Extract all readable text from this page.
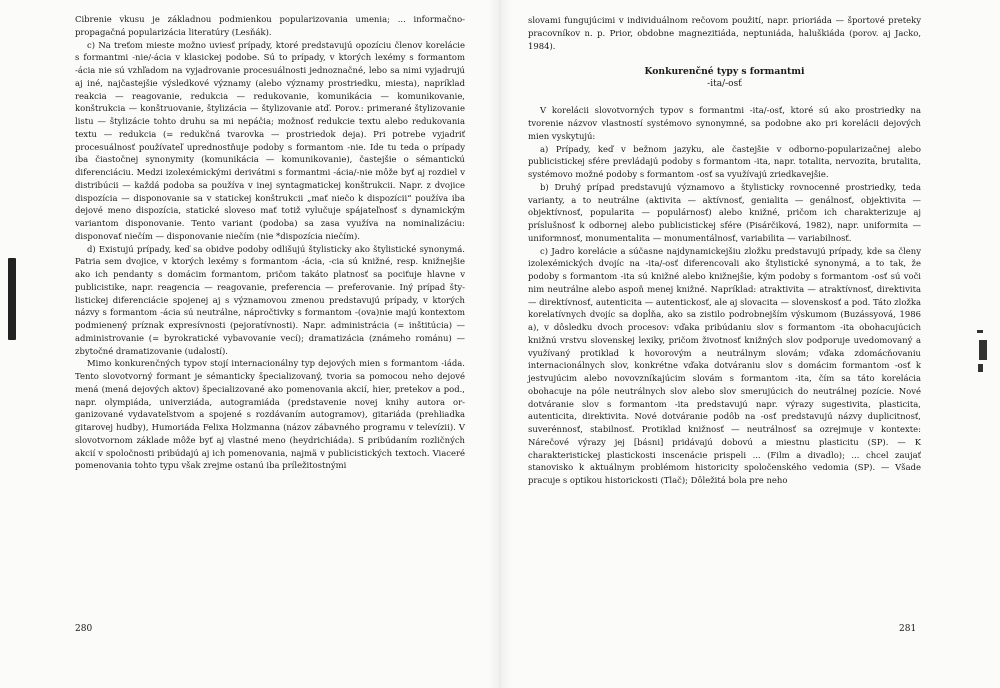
Cibrenie vkusu je základnou podmienkou popularizovania umenia; ... informačno-propagačná popularizácia literatúry (Lesňák).

c) Na treťom mieste možno uviesť prípady, ktoré predstavujú opozíciu členov korelácie s formantmi -nie/-ácia v klasickej podobe. Sú to prípady, v ktorých lexémy s formantom -ácia nie sú vzhľadom na vyjadrovanie procesuálnosti jednoznačné, lebo sa nimi vyjadrujú aj iné, najčastejšie výsledkové významy (alebo významy prostriedku, miesta), napríklad reakcia — reagovanie, redukcia — redukovanie, komunikácia — komunikovanie, konštrukcia — konštruovanie, štylizácia — štylizovanie atď. Porov.: primerané štylizovanie listu — štylizácie tohto druhu sa mi nepáčia; možnosť redukcie textu alebo redukovania textu — redukcia (= redukčná tvarovka — prostriedok deja). Pri potrebe vyjadriť procesuálnosť používateľ uprednostňuje podoby s formantom -nie. Ide tu teda o prípady iba čiastočnej synonymity (komunikácia — komunikovanie), častejšie o sémantickú diferenciáciu. Medzi izolexémickými derivátmi s formantmi -ácia/-nie môže byť aj rozdiel v distribúcii — každá podoba sa používa v inej syntagmatickej konštrukcii. Napr. z dvojice dispozícia — disponovanie sa v statickej konštrukcii „mať niečo k dispozícii“ používa iba dejové meno dispozícia, statické sloveso mať totiž vylučuje spájateľnosť s dynamickým variantom disponovanie. Tento variant (podoba) sa zasa využíva na nominalizáciu: disponovať niečím — disponovanie niečím (nie *dispozícia niečím).

d) Existujú prípady, keď sa obidve podoby odlišujú štylisticky ako štylistické synonymá. Patria sem dvojice, v ktorých lexémy s formantom -ácia, -cia sú knižné, resp. knižnejšie ako ich pendanty s domácim formantom, pričom takáto platnosť sa pociťuje hlavne v publicistike, napr. reagencia — reagovanie, preferencia — preferovanie. Iný prípad štylistickej diferenciácie spojenej aj s významovou zmenou predstavujú prípady, v ktorých názvy s formantom -ácia sú neutrálne, nápročtivky s formantom -(ova)nie majú kontextom podmienený príznak expresívnosti (pejoratívnosti). Napr. administrácia (= inštitúcia) — administrovanie (= byrokratické vybavovanie vecí); dramatizácia (známeho románu) — zbytočné dramatizovanie (udalostí).

Mimo konkurenčných typov stojí internacionálny typ dejových mien s formantom -iáda. Tento slovotvorný formant je sémanticky špecializovaný, tvoria sa pomocou neho dejové mená (mená dejových aktov) špecializované ako pomenovania akcií, hier, pretekov a pod., napr. olympiáda, univerziáda, autogramiáda (predstavenie novej knihy autora organizované vydavateľstvom a spojené s rozdávaním autogramov), gitariáda (prehliadka gitarovej hudby), Humoriáda Felixa Holzmanna (názov zábavného programu v televízii). V slovotvornom základe môže byť aj vlastné meno (heydrichiáda). S pribúdaním rozličných akcií v spoločnosti pribúdajú aj ich pomenovania, najmä v publicistických textoch. Viaceré pomenovania tohto typu však zrejme ostanú iba príležitostnými

280

slovami fungujúcimi v individuálnom rečovom použití, napr. prioriáda — športové preteky pracovníkov n. p. Prior, obdobne magnezitiáda, neptuniáda, haluškiáda (porov. aj Jacko, 1984).

Konkurenčné typy s formantmi
-ita/-osť

V korelácii slovotvorných typov s formantmi -ita/-osť, ktoré sú ako prostriedky na tvorenie názvov vlastností systémovo synonymné, sa podobne ako pri korelácii dejových mien vyskytujú:

a) Prípady, keď v bežnom jazyku, ale častejšie v odborno-popularizačnej alebo publicistickej sfére prevládajú podoby s formantom -ita, napr. totalita, nervozita, brutalita, systémovo možné podoby s formantom -osť sa využívajú zriedkavejšie.

b) Druhý prípad predstavujú významovo a štylisticky rovnocenné prostriedky, teda varianty, a to neutrálne (aktivita — aktívnosť, genialita — genálnosť, objektivita — objektívnosť, popularita — populárnosť) alebo knižné, pričom ich charakterizuje aj príslušnosť k odbornej alebo publicistickej sfére (Pisárčiková, 1982), napr. uniformita — uniformnosť, monumentalita — monumentálnosť, variabilita — variabilnosť.

c) Jadro korelácie a súčasne najdynamickejšiu zložku predstavujú prípady, kde sa členy izolexémických dvojíc na -ita/-osť diferencovali ako štylistické synonymá, a to tak, že podoby s formantom -ita sú knižné alebo knižnejšie, kým podoby s formantom -osť sú voči nim neutrálne alebo aspoň menej knižné. Napríklad: atraktivita — atraktívnosť, direktivita — direktívnosť, autenticita — autentickosť, ale aj slovacita — slovenskosť a pod. Táto zložka korelatívnych dvojíc sa dopĺňa, ako sa zistilo podrobnejším výskumom (Buzássyová, 1986 a), v dôsledku dvoch procesov: vďaka pribúdaniu slov s formantom -ita obohacujúcich knižnú vrstvu slovenskej lexiky, pričom životnosť knižných slov podporuje uvedomovaný a využívaný protiklad k hovorovým a neutrálnym slovám; vďaka zdomácňovaniu internacionálnych slov, konkrétne vďaka dotváraniu slov s domácim formantom -osť k jestvujúcim alebo novovzníkajúcim slovám s formantom -ita, čím sa táto korelácia obohacuje na póle neutrálnych slov alebo slov smerujúcich do neutrálnej pozície. Nové dotváranie slov s formantom -ita predstavujú napr. výrazy sugestivita, plasticita, autenticita, direktivita. Nové dotváranie podôb na -osť predstavujú názvy duplicitnosť, suverénnosť, stabilnosť. Protiklad knižnosť — neutrálnosť sa ozrejmuje v kontexte: Nárečové výrazy jej [básni] pridávajú dobovú a miestnu plasticitu (SP). — K charakteristickej plastickosti inscenácie prispeli ... (Film a divadlo); ... chcel zaujať stanovisko k aktuálnym problémom historicity spoločenského vedomia (SP). — Všade pracuje s optikou historickosti (Tlač); Dôležitá bola pre neho

281
